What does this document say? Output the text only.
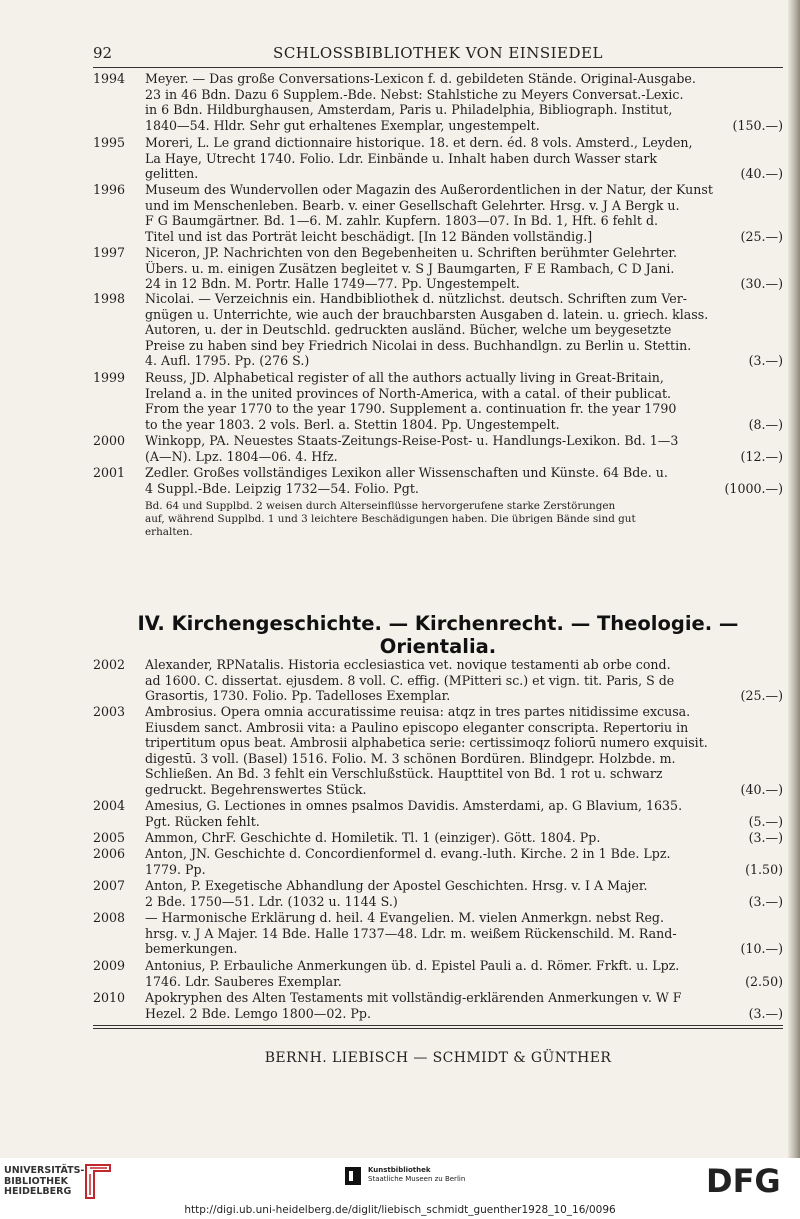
92	SCHLOSSBIBLIOTHEK VON EINSIEDEL
1994 Meyer. — Das große Conversations-Lexicon f. d. gebildeten Stände. Original-Ausgabe.
23 in 46 Bdn. Dazu 6 Supplem.-Bde. Nebst: Stahlstiche zu Meyers Conversat.-Lexic.
in 6 Bdn. Hildburghausen, Amsterdam, Paris u. Philadelphia, Bibliograph. Institut,
1840—54. Hldr. Sehr gut erhaltenes Exemplar, ungestempelt.	(150.—)
1995 Moreri, L. Le grand dictionnaire historique. 18. et dern. éd. 8 vols. Amsterd., Leyden,
La Haye, Utrecht 1740. Folio. Ldr. Einbände u. Inhalt haben durch Wasser stark
gelitten.	(40.—)
1996 Museum des Wundervollen oder Magazin des Außerordentlichen in der Natur, der Kunst
und im Menschenleben. Bearb. v. einer Gesellschaft Gelehrter. Hrsg. v. J A Bergk u.
F G Baumgärtner. Bd. 1—6. M. zahlr. Kupfern. 1803—07. In Bd. 1, Hft. 6 fehlt d.
Titel und ist das Porträt leicht beschädigt. [In 12 Bänden vollständig.]	(25.—)
1997 Niceron, JP. Nachrichten von den Begebenheiten u. Schriften berühmter Gelehrter.
Übers. u. m. einigen Zusätzen begleitet v. S J Baumgarten, F E Rambach, C D Jani.
24 in 12 Bdn. M. Portr. Halle 1749—77. Pp. Ungestempelt.	(30.—)
1998 Nicolai. — Verzeichnis ein. Handbibliothek d. nützlichst. deutsch. Schriften zum Ver-
gnügen u. Unterrichte, wie auch der brauchbarsten Ausgaben d. latein. u. griech. klass.
Autoren, u. der in Deutschld. gedruckten ausländ. Bücher, welche um beygesetzte
Preise zu haben sind bey Friedrich Nicolai in dess. Buchhandlgn. zu Berlin u. Stettin.
4. Aufl. 1795. Pp. (276 S.)	(3.—)
1999 Reuss, JD. Alphabetical register of all the authors actually living in Great-Britain,
Ireland a. in the united provinces of North-America, with a catal. of their publicat.
From the year 1770 to the year 1790. Supplement a. continuation fr. the year 1790
to the year 1803. 2 vols. Berl. a. Stettin 1804. Pp. Ungestempelt.	(8.—)
2000 Winkopp, PA. Neuestes Staats-Zeitungs-Reise-Post- u. Handlungs-Lexikon. Bd. 1—3
(A—N). Lpz. 1804—06. 4. Hfz.	(12.—)
2001 Zedler. Großes vollständiges Lexikon aller Wissenschaften und Künste. 64 Bde. u.
4 Suppl.-Bde. Leipzig 1732—54. Folio. Pgt.	(1000.—)
Bd. 64 und Supplbd. 2 weisen durch Alterseinflüsse hervorgerufene starke Zerstörungen
auf, während Supplbd. 1 und 3 leichtere Beschädigungen haben. Die übrigen Bände sind gut
erhalten.
IV. Kirchengeschichte. — Kirchenrecht. — Theologie. — Orientalia.
2002 Alexander, RPNatalis. Historia ecclesiastica vet. novique testamenti ab orbe cond.
ad 1600. C. dissertat. ejusdem. 8 voll. C. effig. (MPitteri sc.) et vign. tit. Paris, S de
Grasortis, 1730. Folio. Pp. Tadelloses Exemplar.	(25.—)
2003 Ambrosius. Opera omnia accuratissime reuisa: atqz in tres partes nitidissime excusa.
Eiusdem sanct. Ambrosii vita: a Paulino episcopo eleganter conscripta. Repertoriu in
tripertitum opus beat. Ambrosii alphabetica serie: certissimoqz foliorū numero exquisit.
digestū. 3 voll. (Basel) 1516. Folio. M. 3 schönen Bordüren. Blindgepr. Holzbde. m.
Schließen. An Bd. 3 fehlt ein Verschlußstück. Haupttitel von Bd. 1 rot u. schwarz
gedruckt. Begehrenswertes Stück.	(40.—)
2004 Amesius, G. Lectiones in omnes psalmos Davidis. Amsterdami, ap. G Blavium, 1635.
Pgt. Rücken fehlt.	(5.—)
2005 Ammon, ChrF. Geschichte d. Homiletik. Tl. 1 (einziger). Gött. 1804. Pp.	(3.—)
2006 Anton, JN. Geschichte d. Concordienformel d. evang.-luth. Kirche. 2 in 1 Bde. Lpz.
1779. Pp.	(1.50)
2007 Anton, P. Exegetische Abhandlung der Apostel Geschichten. Hrsg. v. I A Majer.
2 Bde. 1750—51. Ldr. (1032 u. 1144 S.)	(3.—)
2008 — Harmonische Erklärung d. heil. 4 Evangelien. M. vielen Anmerkgn. nebst Reg.
hrsg. v. J A Majer. 14 Bde. Halle 1737—48. Ldr. m. weißem Rückenschild. M. Rand-
bemerkungen.	(10.—)
2009 Antonius, P. Erbauliche Anmerkungen üb. d. Epistel Pauli a. d. Römer. Frkft. u. Lpz.
1746. Ldr. Sauberes Exemplar.	(2.50)
2010 Apokryphen des Alten Testaments mit vollständig-erklärenden Anmerkungen v. W F
Hezel. 2 Bde. Lemgo 1800—02. Pp.	(3.—)
BERNH. LIEBISCH — SCHMIDT & GÜNTHER
UNIVERSITÄTS-
BIBLIOTHEK
HEIDELBERG
Kunstbibliothek
Staatliche Museen zu Berlin	DFG
http://digi.ub.uni-heidelberg.de/diglit/liebisch_schmidt_guenther1928_10_16/0096
